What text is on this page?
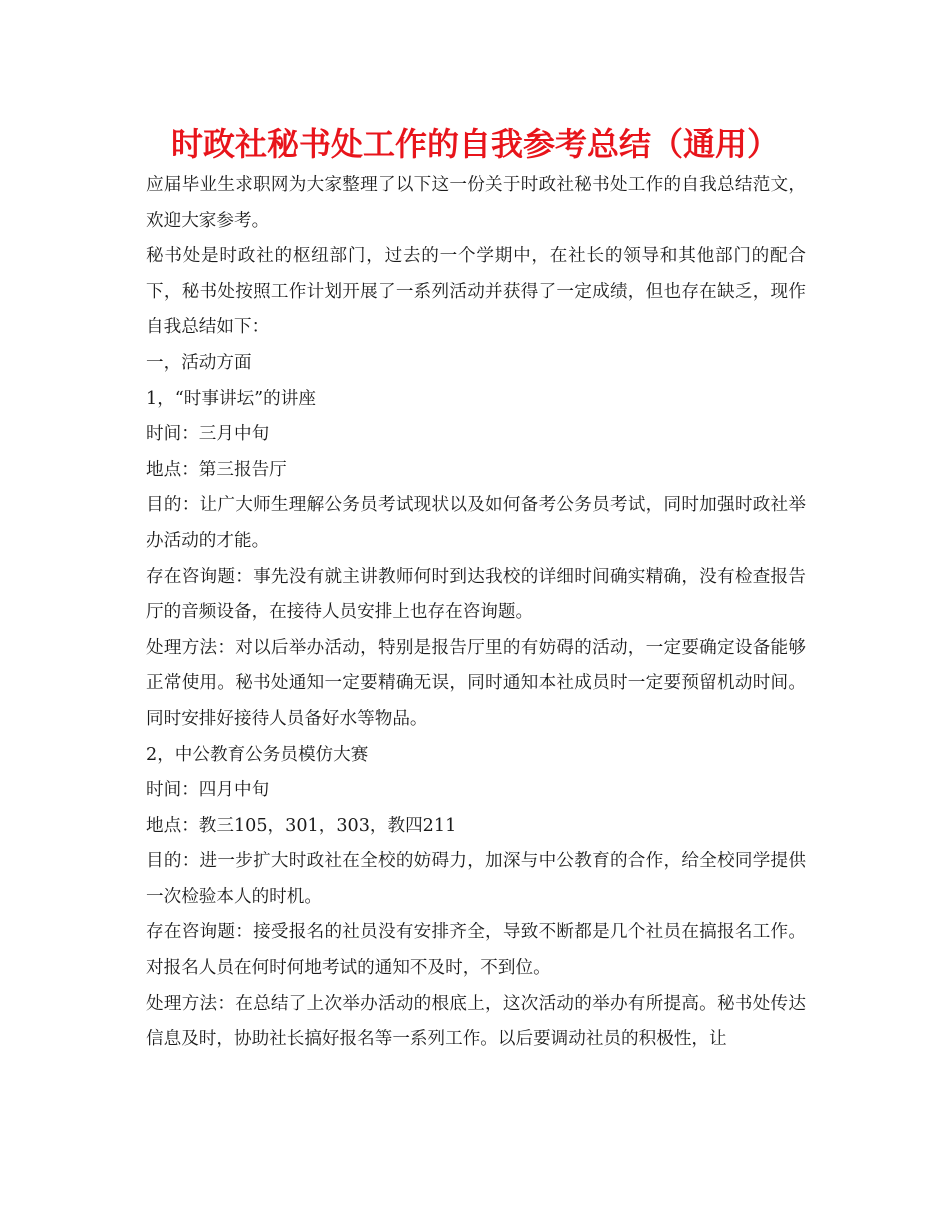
时政社秘书处工作的自我参考总结（通用）

应届毕业生求职网为大家整理了以下这一份关于时政社秘书处工作的自我总结范文，欢迎大家参考。

秘书处是时政社的枢纽部门，过去的一个学期中，在社长的领导和其他部门的配合下，秘书处按照工作计划开展了一系列活动并获得了一定成绩，但也存在缺乏，现作自我总结如下：

一，活动方面

1，“时事讲坛”的讲座

时间：三月中旬

地点：第三报告厅

目的：让广大师生理解公务员考试现状以及如何备考公务员考试，同时加强时政社举办活动的才能。

存在咨询题：事先没有就主讲教师何时到达我校的详细时间确实精确，没有检查报告厅的音频设备，在接待人员安排上也存在咨询题。

处理方法：对以后举办活动，特别是报告厅里的有妨碍的活动，一定要确定设备能够正常使用。秘书处通知一定要精确无误，同时通知本社成员时一定要预留机动时间。同时安排好接待人员备好水等物品。

2，中公教育公务员模仿大赛

时间：四月中旬

地点：教三105，301，303，教四211

目的：进一步扩大时政社在全校的妨碍力，加深与中公教育的合作，给全校同学提供一次检验本人的时机。

存在咨询题：接受报名的社员没有安排齐全，导致不断都是几个社员在搞报名工作。对报名人员在何时何地考试的通知不及时，不到位。

处理方法：在总结了上次举办活动的根底上，这次活动的举办有所提高。秘书处传达信息及时，协助社长搞好报名等一系列工作。以后要调动社员的积极性，让
